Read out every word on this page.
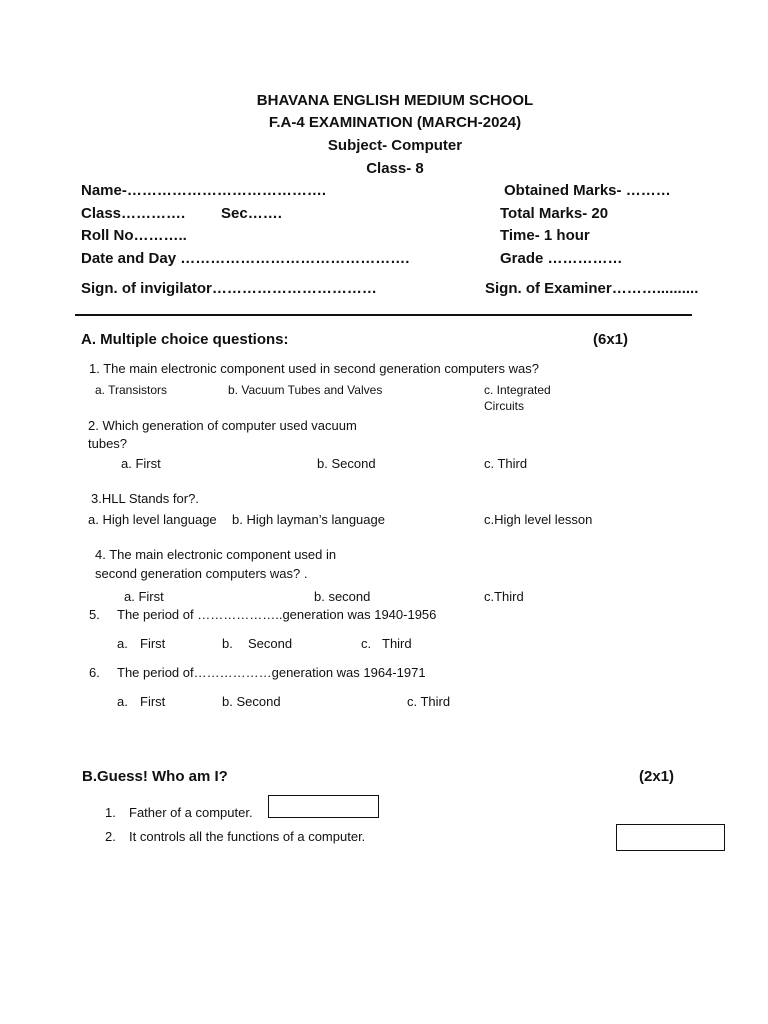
BHAVANA ENGLISH MEDIUM SCHOOL
F.A-4 EXAMINATION (MARCH-2024)
Subject- Computer
Class- 8
Name-………………………………….	Obtained Marks- ………
Class…………. Sec…….	Total Marks- 20
Roll No………..	Time- 1 hour
Date and Day ……………………………………….	Grade ……………
Sign. of invigilator……………………………	Sign. of Examiner………..........
A. Multiple choice questions:	(6x1)
1. The main electronic component used in second generation computers was?
a. Transistors	b. Vacuum Tubes and Valves	c. Integrated
Circuits
2. Which generation of computer used vacuum
tubes?
a. First	b. Second	c. Third
3.HLL Stands for?.
a. High level language b. High layman’s language	c.High level lesson
4. The main electronic component used in
second generation computers was? .
a. First	b. second	c.Third
5. The period of ………………..generation was 1940-1956
a. First	b. Second	c. Third
6. The period of………………generation was 1964-1971
a. First	b. Second	c. Third
B.Guess! Who am I?	(2x1)
1. Father of a computer.
2. It controls all the functions of a computer.
